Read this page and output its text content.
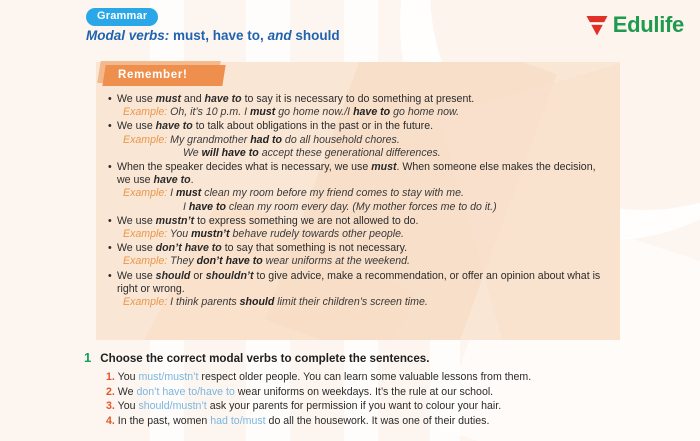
Grammar
Modal verbs: must, have to, and should	Edulife
Remember!
• We use must and have to to say it is necessary to do something at present.
Example: Oh, it’s 10 p.m. I must go home now./I have to go home now.
• We use have to to talk about obligations in the past or in the future.
Example: My grandmother had to do all household chores.
We will have to accept these generational differences.
• When the speaker decides what is necessary, we use must. When someone else makes the decision, we use have to.
Example: I must clean my room before my friend comes to stay with me.
I have to clean my room every day. (My mother forces me to do it.)
• We use mustn’t to express something we are not allowed to do.
Example: You mustn’t behave rudely towards other people.
• We use don’t have to to say that something is not necessary.
Example: They don’t have to wear uniforms at the weekend.
• We use should or shouldn’t to give advice, make a recommendation, or offer an opinion about what is right or wrong.
Example: I think parents should limit their children’s screen time.
1 Choose the correct modal verbs to complete the sentences.
1. You must/mustn’t respect older people. You can learn some valuable lessons from them.
2. We don’t have to/have to wear uniforms on weekdays. It’s the rule at our school.
3. You should/mustn’t ask your parents for permission if you want to colour your hair.
4. In the past, women had to/must do all the housework. It was one of their duties.
